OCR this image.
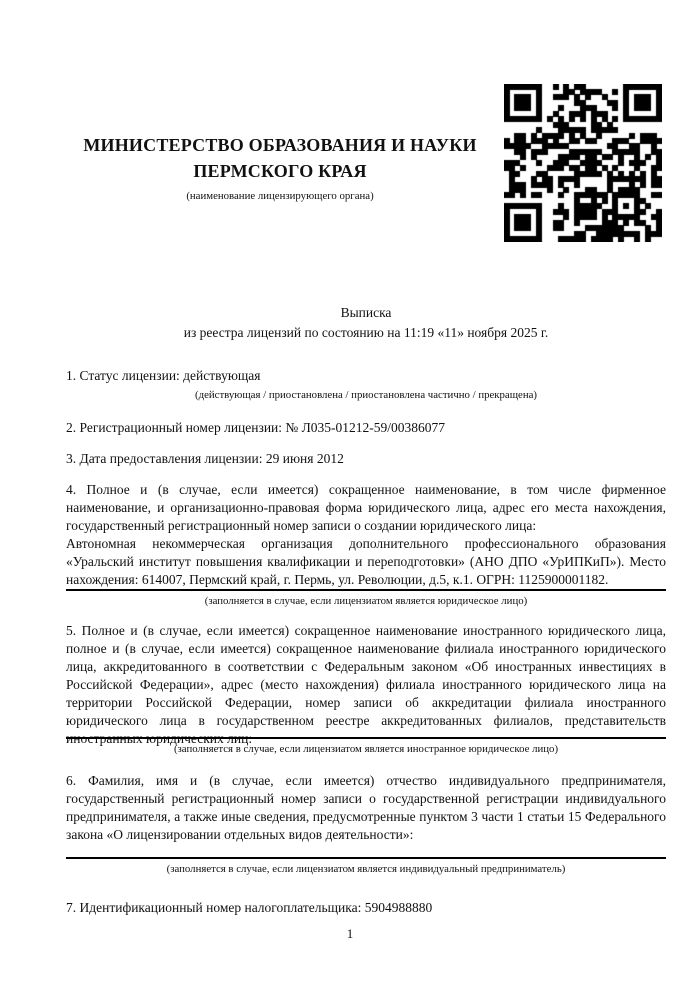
МИНИСТЕРСТВО ОБРАЗОВАНИЯ И НАУКИ
ПЕРМСКОГО КРАЯ
(наименование лицензирующего органа)
Выписка
из реестра лицензий по состоянию на 11:19 «11» ноября 2025 г.
1. Статус лицензии: действующая
(действующая / приостановлена / приостановлена частично / прекращена)
2. Регистрационный номер лицензии: № Л035-01212-59/00386077
3. Дата предоставления лицензии: 29 июня 2012

4. Полное и (в случае, если имеется) сокращенное наименование, в том числе фирменное наименование, и организационно-правовая форма юридического лица, адрес его места нахождения, государственный регистрационный номер записи о создании юридического лица:

Автономная некоммерческая организация дополнительного профессионального образования «Уральский институт повышения квалификации и переподготовки» (АНО ДПО «УрИПКиП»). Место нахождения: 614007, Пермский край, г. Пермь, ул. Революции, д.5, к.1. ОГРН: 1125900001182.

(заполняется в случае, если лицензиатом является юридическое лицо)
5. Полное и (в случае, если имеется) сокращенное наименование иностранного юридического лица, полное и (в случае, если имеется) сокращенное наименование филиала иностранного юридического лица, аккредитованного в соответствии с Федеральным законом «Об иностранных инвестициях в Российской Федерации», адрес (место нахождения) филиала иностранного юридического лица на территории Российской Федерации, номер записи об аккредитации филиала иностранного юридического лица в государственном реестре аккредитованных филиалов, представительств иностранных юридических лиц:
(заполняется в случае, если лицензиатом является иностранное юридическое лицо)
6. Фамилия, имя и (в случае, если имеется) отчество индивидуального предпринимателя, государственный регистрационный номер записи о государственной регистрации индивидуального предпринимателя, а также иные сведения, предусмотренные пунктом 3 части 1 статьи 15 Федерального закона «О лицензировании отдельных видов деятельности»:
(заполняется в случае, если лицензиатом является индивидуальный предприниматель)
7. Идентификационный номер налогоплательщика: 5904988880
1
